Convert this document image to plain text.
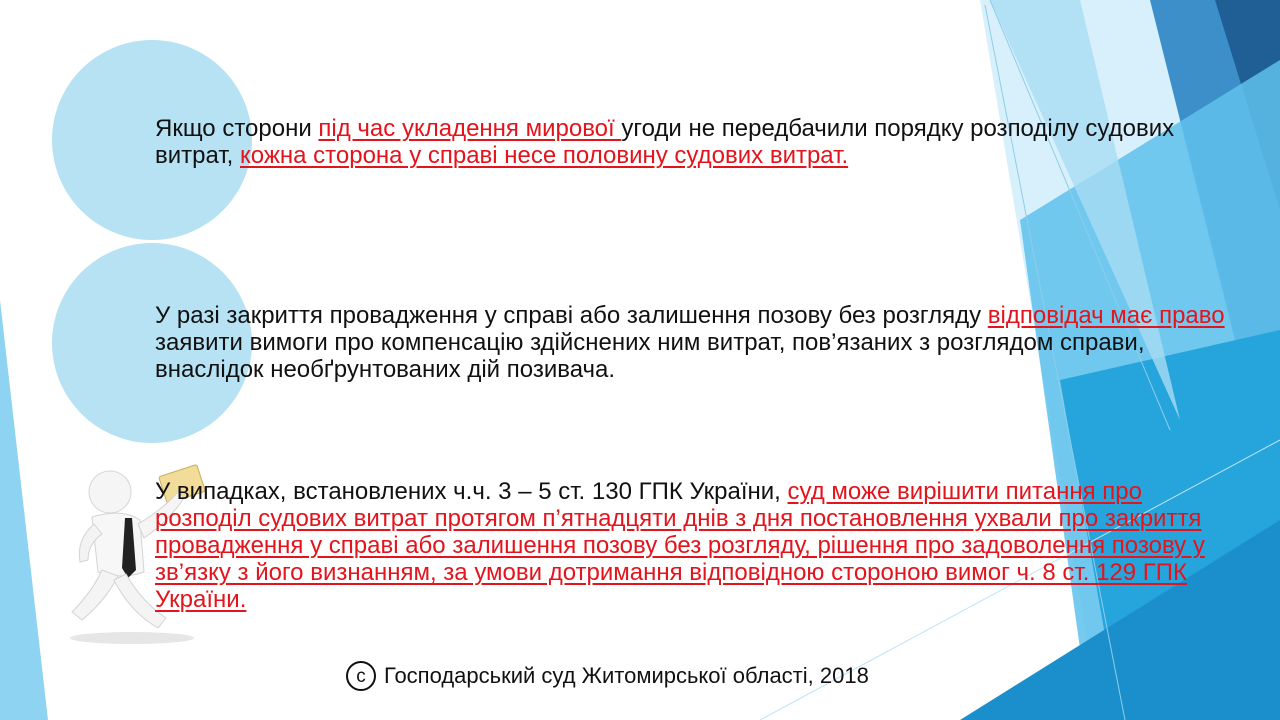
Якщо сторони під час укладення мирової угоди не передбачили порядку розподілу судових витрат, кожна сторона у справі несе половину судових витрат.

У разі закриття провадження у справі або залишення позову без розгляду відповідач має право заявити вимоги про компенсацію здійснених ним витрат, пов’язаних з розглядом справи, внаслідок необґрунтованих дій позивача.

У випадках, встановлених ч.ч. 3 – 5 ст. 130 ГПК України, суд може вирішити питання про розподіл судових витрат протягом п’ятнадцяти днів з дня постановлення ухвали про закриття провадження у справі або залишення позову без розгляду, рішення про задоволення позову у зв’язку з його визнанням, за умови дотримання відповідною стороною вимог ч. 8 ст. 129 ГПК України.

c Господарський суд Житомирської області, 2018
